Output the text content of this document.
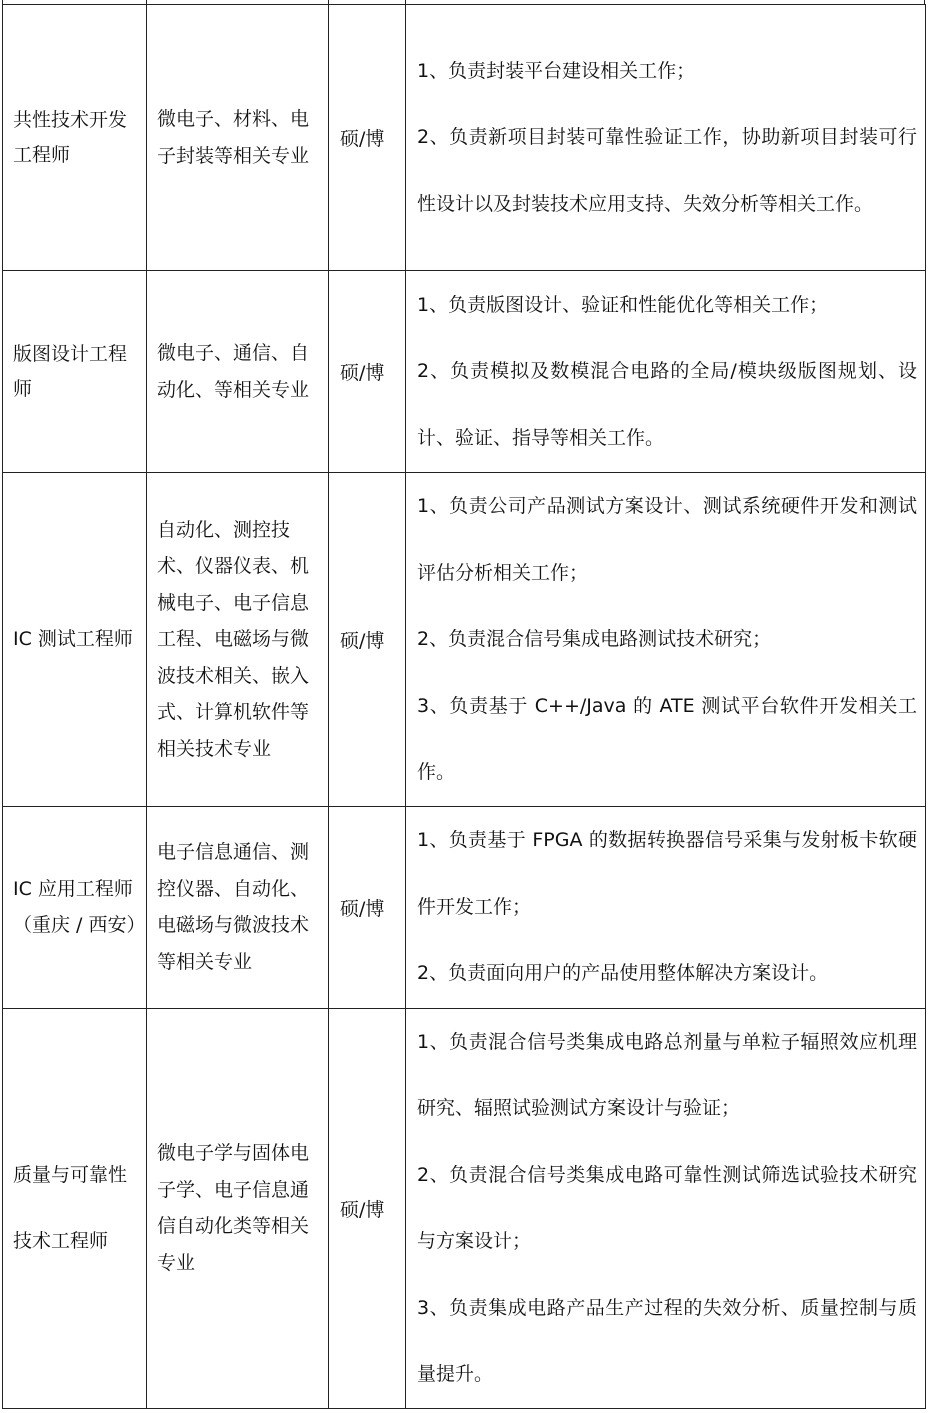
共性技术开发工程师	微电子、材料、电子封装等相关专业	硕/博	1、负责封装平台建设相关工作；
2、负责新项目封装可靠性验证工作，协助新项目封装可行性设计以及封装技术应用支持、失效分析等相关工作。

版图设计工程师	微电子、通信、自动化、等相关专业	硕/博	1、负责版图设计、验证和性能优化等相关工作；
2、负责模拟及数模混合电路的全局/模块级版图规划、设计、验证、指导等相关工作。

IC 测试工程师	自动化、测控技术、仪器仪表、机械电子、电子信息工程、电磁场与微波技术相关、嵌入式、计算机软件等相关技术专业	硕/博	1、负责公司产品测试方案设计、测试系统硬件开发和测试评估分析相关工作；
2、负责混合信号集成电路测试技术研究；
3、负责基于 C++/Java 的 ATE 测试平台软件开发相关工作。

IC 应用工程师（重庆 / 西安）	电子信息通信、测控仪器、自动化、电磁场与微波技术等相关专业	硕/博	1、负责基于 FPGA 的数据转换器信号采集与发射板卡软硬件开发工作；
2、负责面向用户的产品使用整体解决方案设计。

质量与可靠性技术工程师	微电子学与固体电子学、电子信息通信自动化类等相关专业	硕/博	1、负责混合信号类集成电路总剂量与单粒子辐照效应机理研究、辐照试验测试方案设计与验证；
2、负责混合信号类集成电路可靠性测试筛选试验技术研究与方案设计；
3、负责集成电路产品生产过程的失效分析、质量控制与质量提升。
